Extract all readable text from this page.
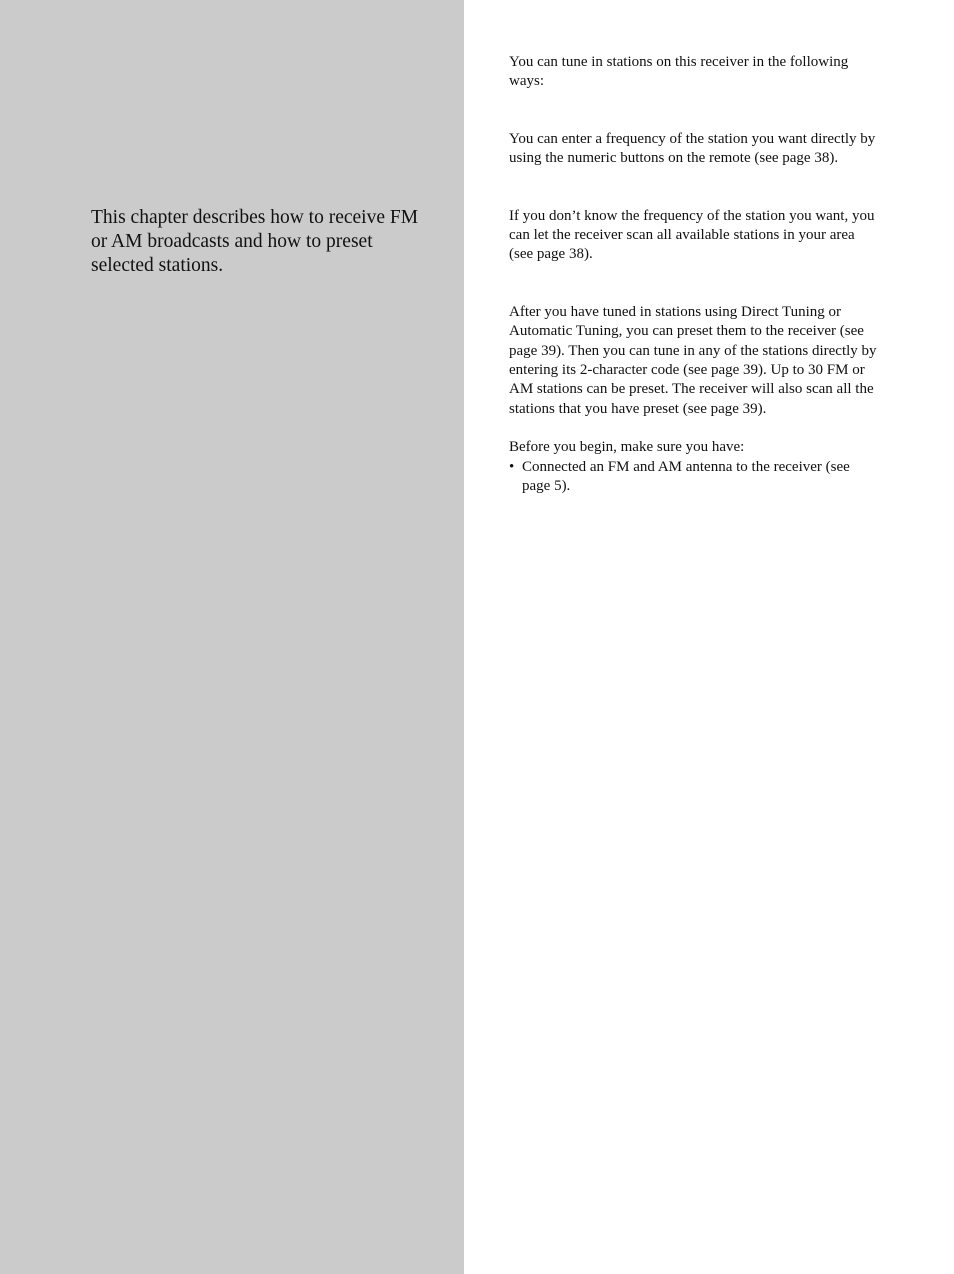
This chapter describes how to receive FM or AM broadcasts and how to preset selected stations.

You can tune in stations on this receiver in the following ways:

You can enter a frequency of the station you want directly by using the numeric buttons on the remote (see page 38).

If you don’t know the frequency of the station you want, you can let the receiver scan all available stations in your area (see page 38).

After you have tuned in stations using Direct Tuning or Automatic Tuning, you can preset them to the receiver (see page 39). Then you can tune in any of the stations directly by entering its 2-character code (see page 39). Up to 30 FM or AM stations can be preset. The receiver will also scan all the stations that you have preset (see page 39).

Before you begin, make sure you have:

• Connected an FM and AM antenna to the receiver (see page 5).
